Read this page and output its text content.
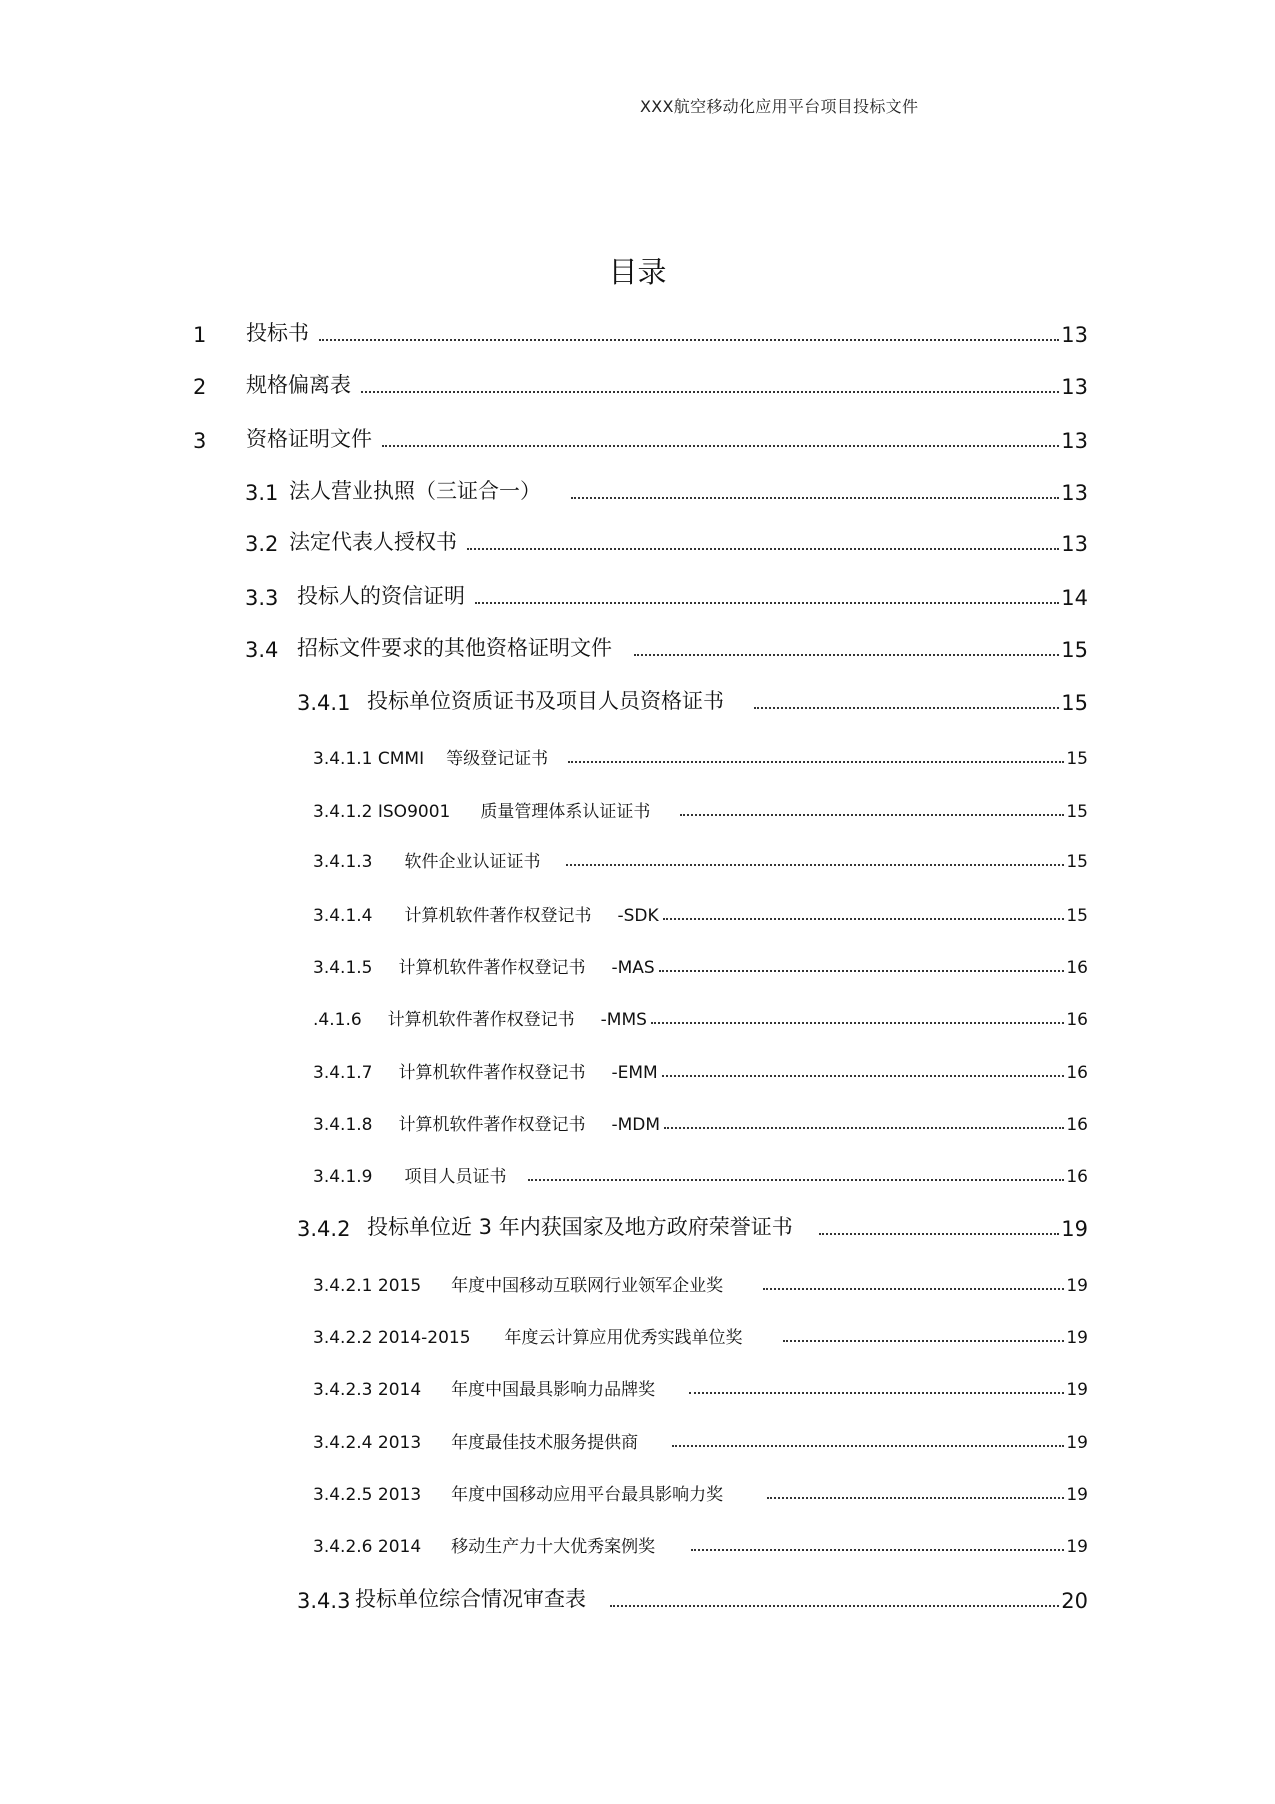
XXX航空移动化应用平台项目投标文件
目录
1	投标书	13
2	规格偏离表	13
3	资格证明文件	13
3.1 法人营业执照（三证合一）	13
3.2 法定代表人授权书	13
3.3 投标人的资信证明	14
3.4 招标文件要求的其他资格证明文件	15
3.4.1 投标单位资质证书及项目人员资格证书	15
3.4.1.1 CMMI 等级登记证书	15
3.4.1.2 ISO9001 质量管理体系认证证书	15
3.4.1.3 软件企业认证证书	15
3.4.1.4 计算机软件著作权登记书 -SDK	15
3.4.1.5 计算机软件著作权登记书 -MAS	16
.4.1.6 计算机软件著作权登记书 -MMS	16
3.4.1.7 计算机软件著作权登记书 -EMM	16
3.4.1.8 计算机软件著作权登记书 -MDM	16
3.4.1.9 项目人员证书	16
3.4.2 投标单位近 3 年内获国家及地方政府荣誉证书	19
3.4.2.1 2015 年度中国移动互联网行业领军企业奖	19
3.4.2.2 2014-2015 年度云计算应用优秀实践单位奖	19
3.4.2.3 2014 年度中国最具影响力品牌奖	19
3.4.2.4 2013 年度最佳技术服务提供商	19
3.4.2.5 2013 年度中国移动应用平台最具影响力奖	19
3.4.2.6 2014 移动生产力十大优秀案例奖	19
3.4.3 投标单位综合情况审查表	20
